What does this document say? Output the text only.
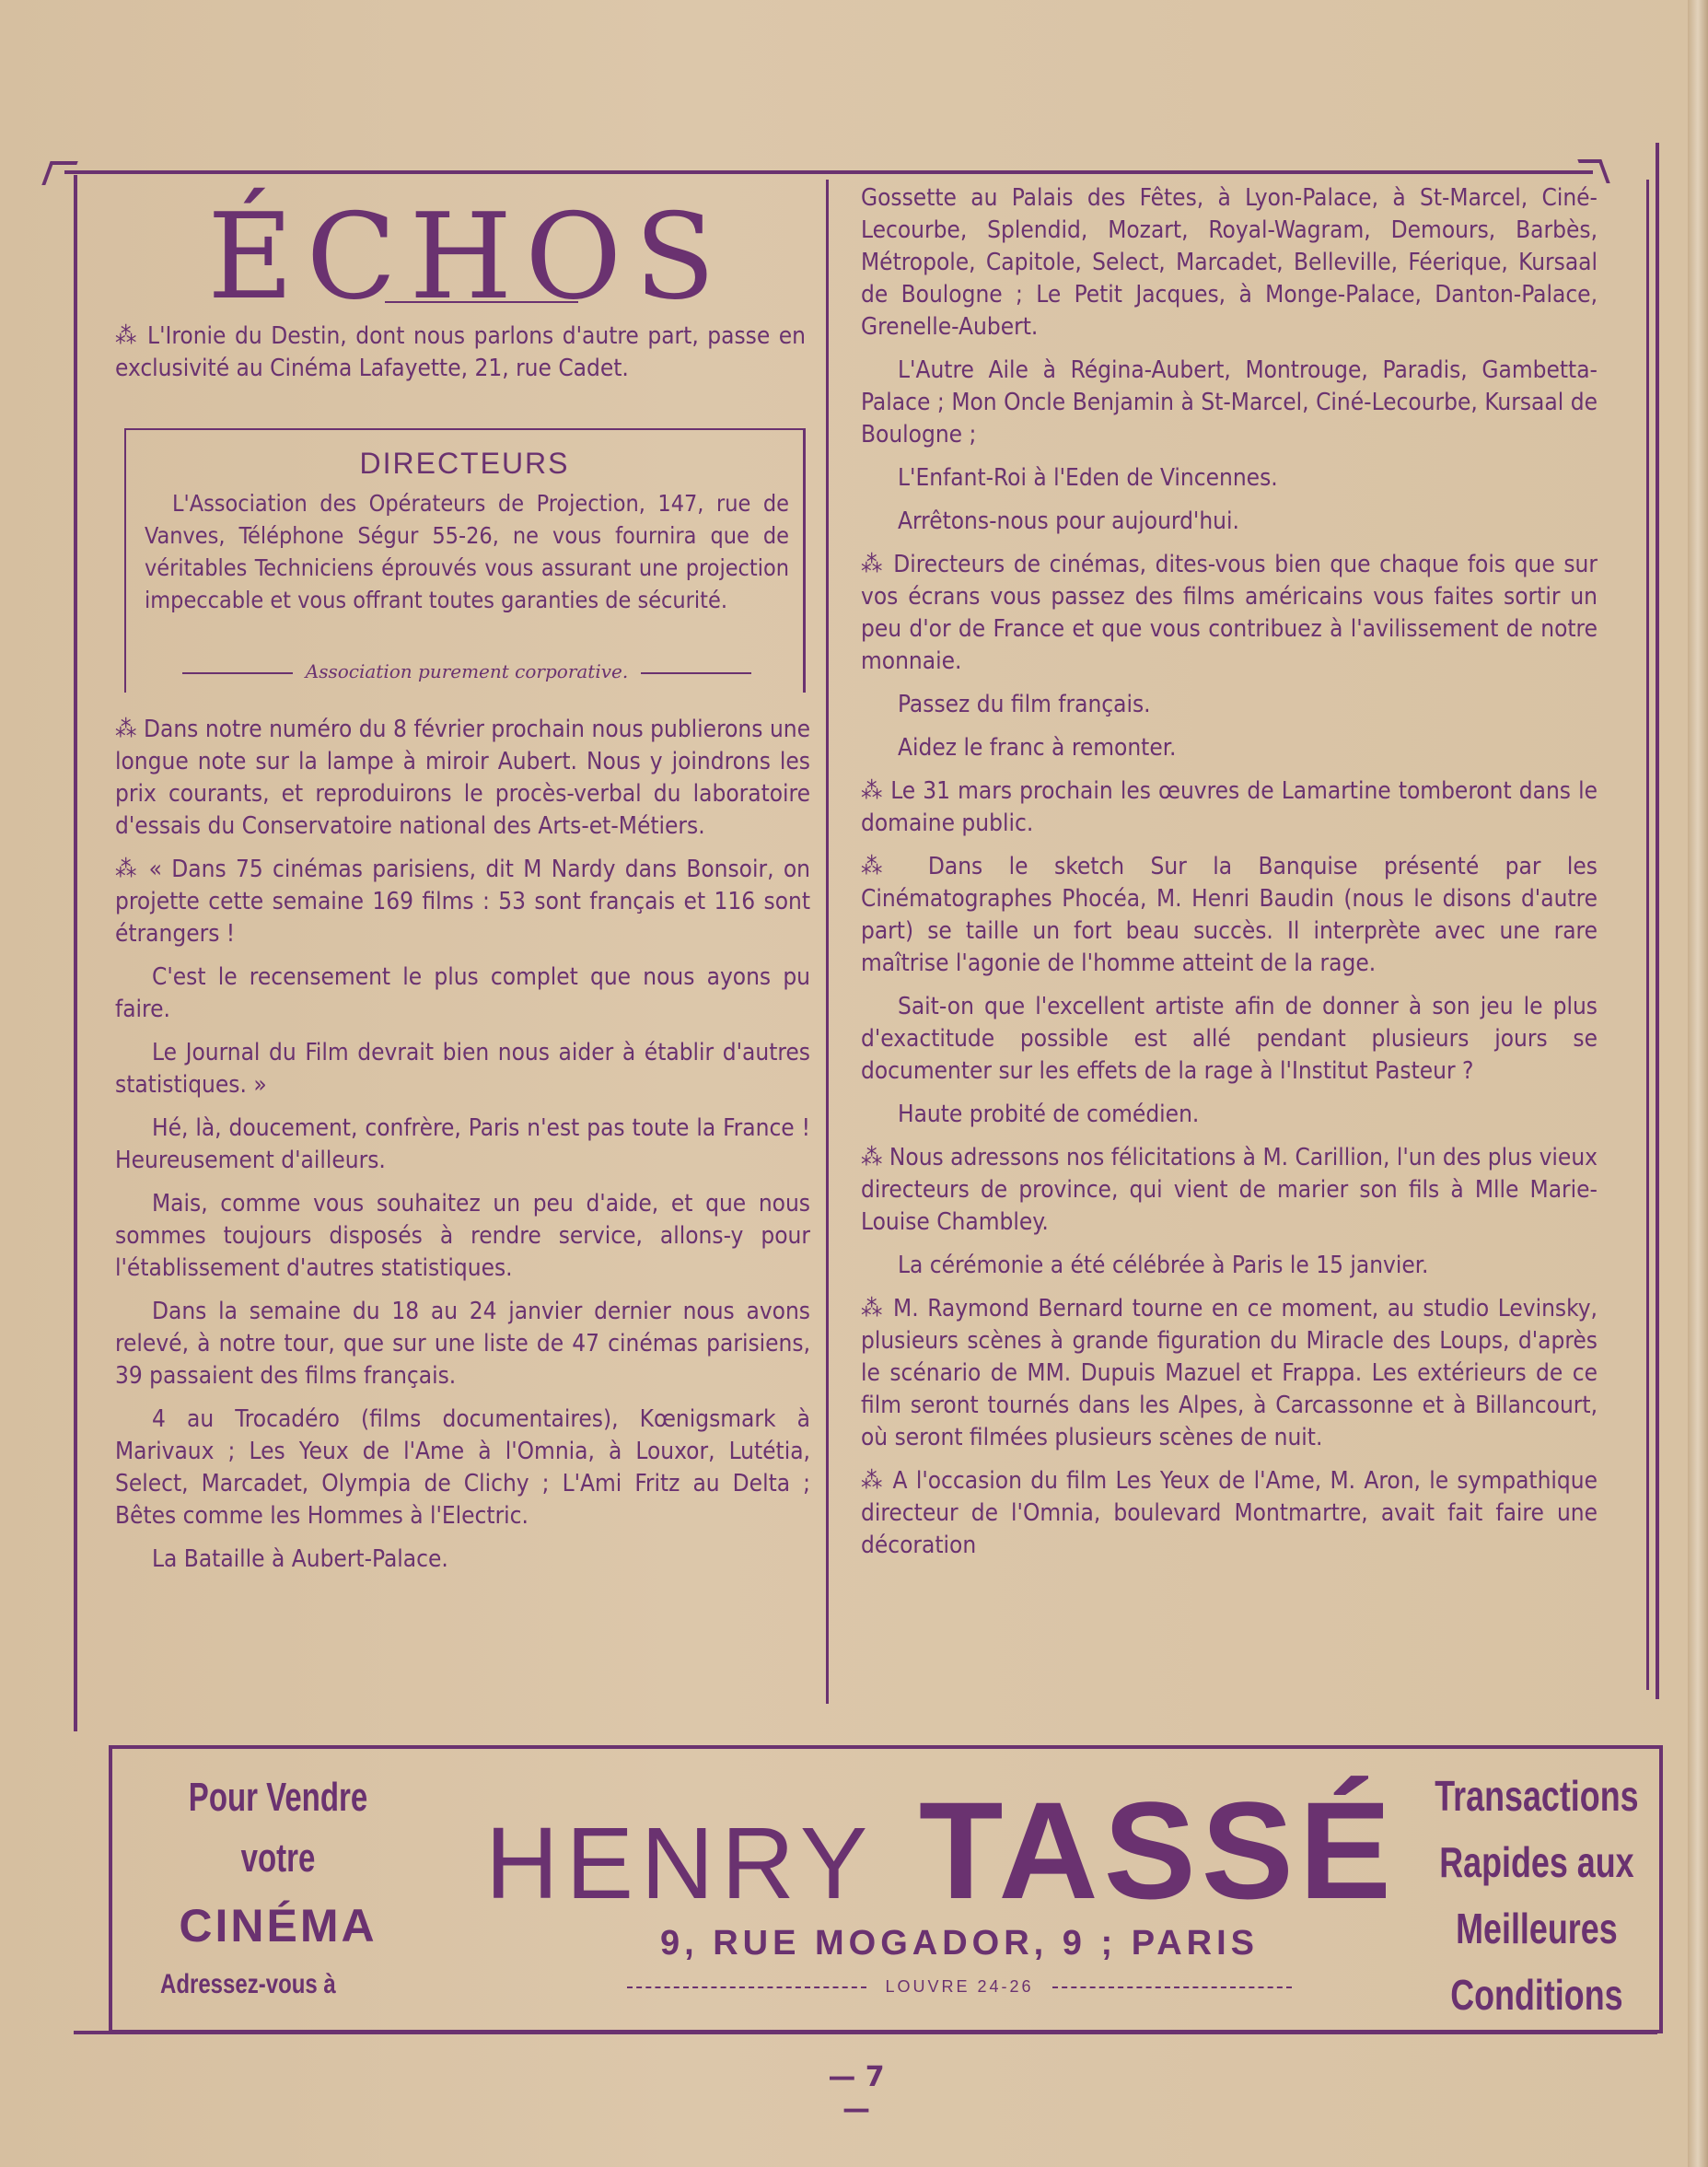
ÉCHOS

⁂ L'Ironie du Destin, dont nous parlons d'autre part, passe en exclusivité au Cinéma Lafayette, 21, rue Cadet.

DIRECTEURS
L'Association des Opérateurs de Projection, 147, rue de Vanves, Téléphone Ségur 55-26, ne vous fournira que de véritables Techniciens éprouvés vous assurant une projection impeccable et vous offrant toutes garanties de sécurité.
Association purement corporative.

⁂ Dans notre numéro du 8 février prochain nous publierons une longue note sur la lampe à miroir Aubert. Nous y joindrons les prix courants, et reproduirons le procès-verbal du laboratoire d'essais du Conservatoire national des Arts-et-Métiers.

⁂ « Dans 75 cinémas parisiens, dit M Nardy dans Bonsoir, on projette cette semaine 169 films : 53 sont français et 116 sont étrangers !

C'est le recensement le plus complet que nous ayons pu faire.

Le Journal du Film devrait bien nous aider à établir d'autres statistiques. »

Hé, là, doucement, confrère, Paris n'est pas toute la France ! Heureusement d'ailleurs.

Mais, comme vous souhaitez un peu d'aide, et que nous sommes toujours disposés à rendre service, allons-y pour l'établissement d'autres statistiques.

Dans la semaine du 18 au 24 janvier dernier nous avons relevé, à notre tour, que sur une liste de 47 cinémas parisiens, 39 passaient des films français.

4 au Trocadéro (films documentaires), Kœnigsmark à Marivaux ; Les Yeux de l'Ame à l'Omnia, à Louxor, Lutétia, Select, Marcadet, Olympia de Clichy ; L'Ami Fritz au Delta ; Bêtes comme les Hommes à l'Electric.

La Bataille à Aubert-Palace.

Gossette au Palais des Fêtes, à Lyon-Palace, à St-Marcel, Ciné-Lecourbe, Splendid, Mozart, Royal-Wagram, Demours, Barbès, Métropole, Capitole, Select, Marcadet, Belleville, Féerique, Kursaal de Boulogne ; Le Petit Jacques, à Monge-Palace, Danton-Palace, Grenelle-Aubert.

L'Autre Aile à Régina-Aubert, Montrouge, Paradis, Gambetta-Palace ; Mon Oncle Benjamin à St-Marcel, Ciné-Lecourbe, Kursaal de Boulogne ;

L'Enfant-Roi à l'Eden de Vincennes.

Arrêtons-nous pour aujourd'hui.

⁂ Directeurs de cinémas, dites-vous bien que chaque fois que sur vos écrans vous passez des films américains vous faites sortir un peu d'or de France et que vous contribuez à l'avilissement de notre monnaie.

Passez du film français.

Aidez le franc à remonter.

⁂ Le 31 mars prochain les œuvres de Lamartine tomberont dans le domaine public.

⁂ Dans le sketch Sur la Banquise présenté par les Cinématographes Phocéa, M. Henri Baudin (nous le disons d'autre part) se taille un fort beau succès. Il interprète avec une rare maîtrise l'agonie de l'homme atteint de la rage.

Sait-on que l'excellent artiste afin de donner à son jeu le plus d'exactitude possible est allé pendant plusieurs jours se documenter sur les effets de la rage à l'Institut Pasteur ?

Haute probité de comédien.

⁂ Nous adressons nos félicitations à M. Carillion, l'un des plus vieux directeurs de province, qui vient de marier son fils à Mlle Marie-Louise Chambley.

La cérémonie a été célébrée à Paris le 15 janvier.

⁂ M. Raymond Bernard tourne en ce moment, au studio Levinsky, plusieurs scènes à grande figuration du Miracle des Loups, d'après le scénario de MM. Dupuis Mazuel et Frappa. Les extérieurs de ce film seront tournés dans les Alpes, à Carcassonne et à Billancourt, où seront filmées plusieurs scènes de nuit.

⁂ A l'occasion du film Les Yeux de l'Ame, M. Aron, le sympathique directeur de l'Omnia, boulevard Montmartre, avait fait faire une décoration

Pour Vendre
votre
CINÉMA
Adressez-vous à
HENRY TASSÉ
9, RUE MOGADOR, 9 ; PARIS
LOUVRE 24-26
Transactions
Rapides aux
Meilleures
Conditions
— 7 —
